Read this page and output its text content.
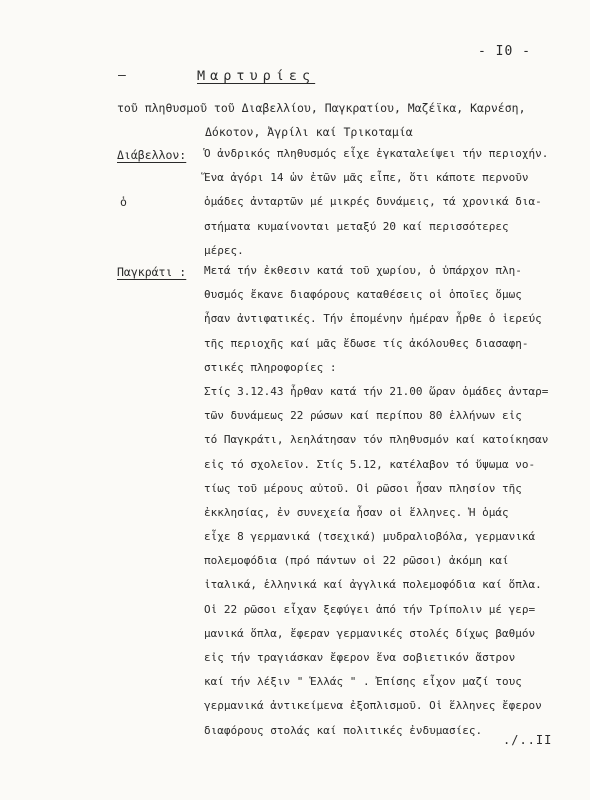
- I0 -
—	Μαρτυρίες
τοῦ πληθυσμοῦ τοῦ Διαβελλίου, Παγκρατίου, Μαζέϊκα, Καρνέση,
Δόκοτον, Ἀγρίλι καί Τρικοταμία
Διάβελλον:
ὁ
Ὁ ἀνδρικός πληθυσμός εἶχε ἐγκαταλείψει τήν περιοχήν.
Ἕνα ἀγόρι 14 ὡν ἐτῶν μᾶς εἶπε, ὅτι κάποτε περνοῦν
ὁμάδες ἀνταρτῶν μέ μικρές δυνάμεις, τά χρονικά δια-
στήματα κυμαίνονται μεταξύ 20 καί περισσότερες
μέρες.
Παγκράτι : Μετά τήν ἐκθεσιν κατά τοῦ χωρίου, ὁ ὑπάρχον πλη-
θυσμός ἔκανε διαφόρους καταθέσεις οἱ ὁποῖες ὅμως
ἦσαν ἀντιφατικές. Τήν ἑπομένην ἡμέραν ἦρθε ὁ ἱερεύς
τῆς περιοχῆς καί μᾶς ἔδωσε τίς ἀκόλουθες διασαφη-
στικές πληροφορίες :
Στίς 3.12.43 ἦρθαν κατά τήν 21.00 ὥραν ὁμάδες ἀνταρ=
τῶν δυνάμεως 22 ρώσων καί περίπου 80 ἑλλήνων εἰς
τό Παγκράτι, λεηλάτησαν τόν πληθυσμόν καί κατοίκησαν
εἰς τό σχολεῖον. Στίς 5.12, κατέλαβον τό ὕψωμα νο-
τίως τοῦ μέρους αὐτοῦ. Οἱ ρῶσοι ἦσαν πλησίον τῆς
ἐκκλησίας, ἐν συνεχεία ἦσαν οἱ ἕλληνες. Ἡ ὁμάς
εἶχε 8 γερμανικά (τσεχικά) μυδραλιοβόλα, γερμανικά
πολεμοφόδια (πρό πάντων οἱ 22 ρῶσοι) ἀκόμη καί
ἰταλικά, ἑλληνικά καί ἀγγλικά πολεμοφόδια καί ὅπλα.
Οἱ 22 ρῶσοι εἶχαν ξεφύγει ἀπό τήν Τρίπολιν μέ γερ=
μανικά ὅπλα, ἔφεραν γερμανικές στολές δίχως βαθμόν
εἰς τήν τραγιάσκαν ἔφερον ἕνα σοβιετικόν ἄστρον
καί τήν λέξιν " Ἑλλάς " . Ἐπίσης εἶχον μαζί τους
γερμανικά ἀντικείμενα ἐξοπλισμοῦ. Οἱ ἕλληνες ἔφερον
διαφόρους στολάς καί πολιτικές ἐνδυμασίες.
./..II
